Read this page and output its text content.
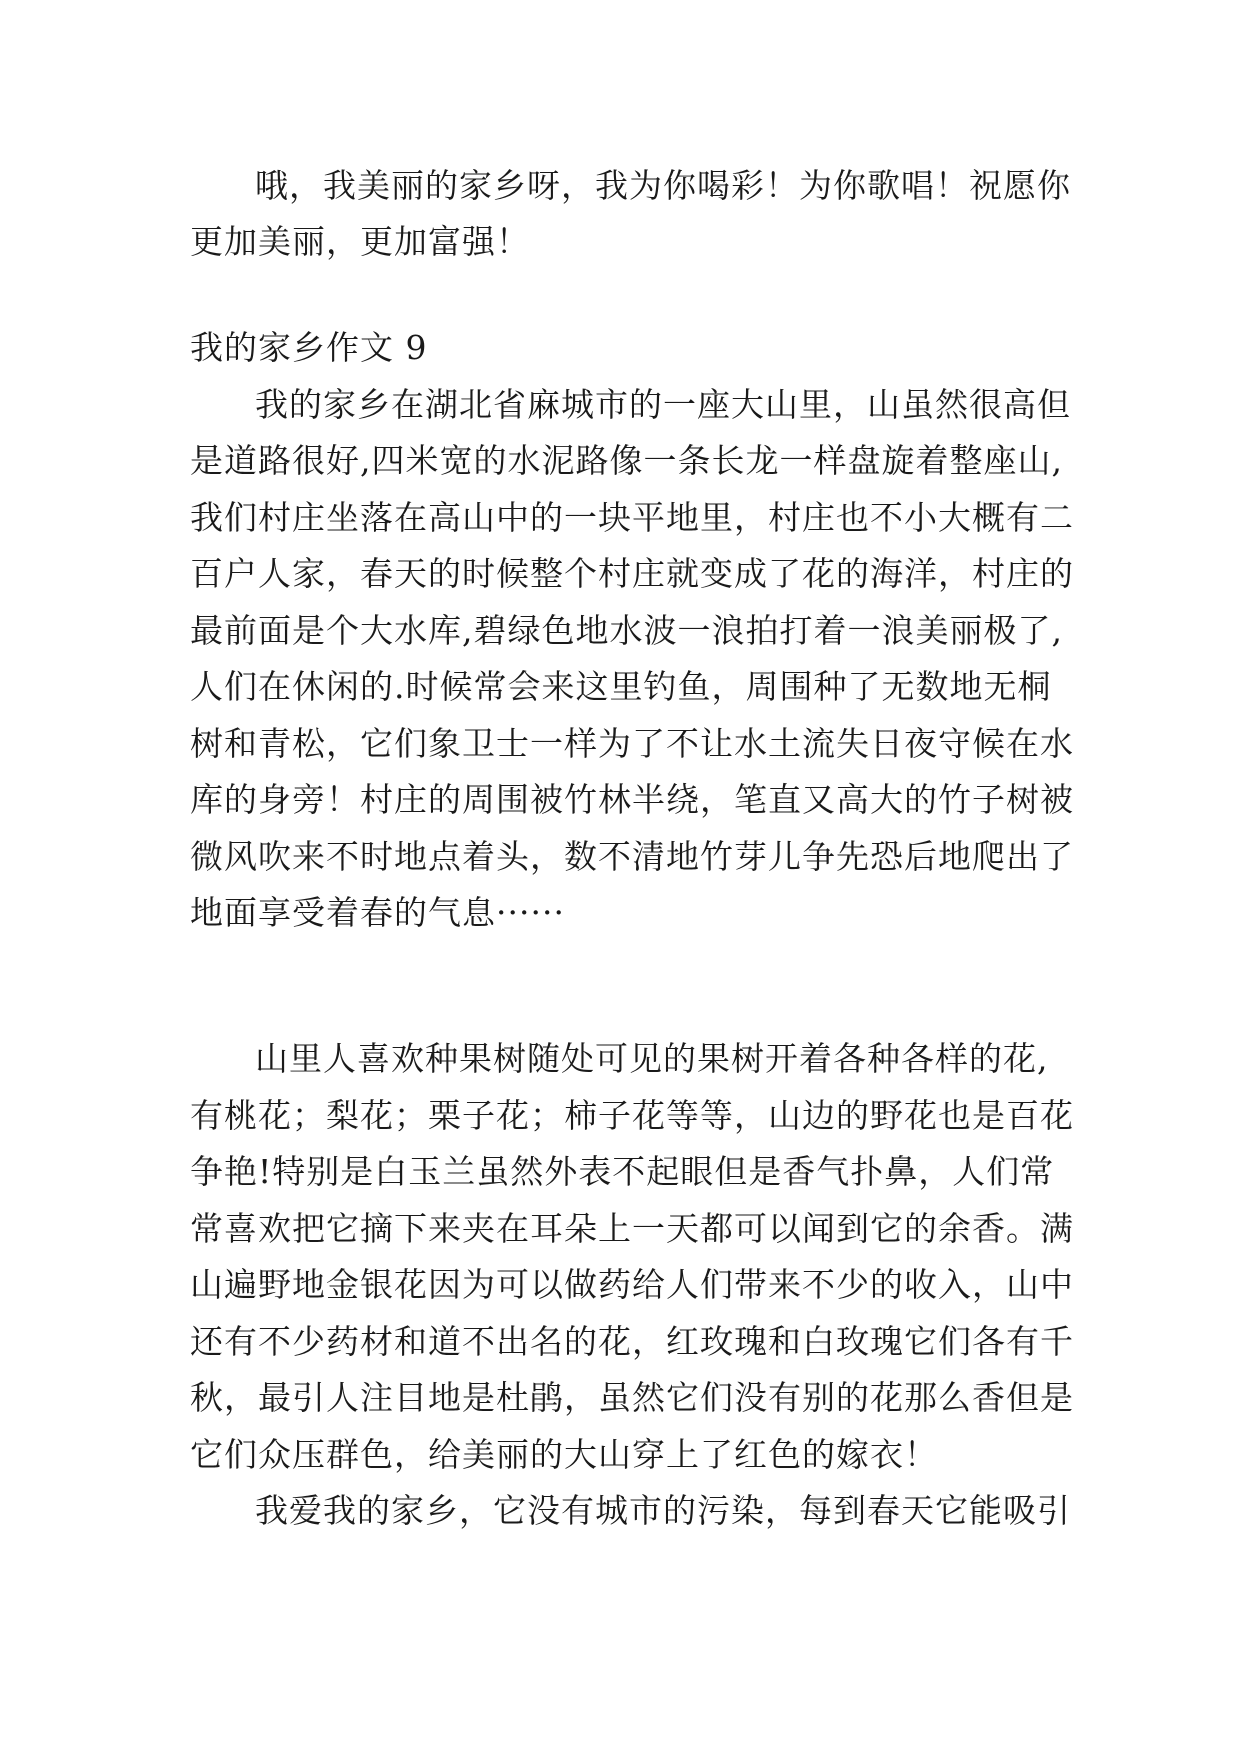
哦，我美丽的家乡呀，我为你喝彩！为你歌唱！祝愿你
更加美丽，更加富强！
我的家乡作文 9
我的家乡在湖北省麻城市的一座大山里，山虽然很高但
是道路很好,四米宽的水泥路像一条长龙一样盘旋着整座山,
我们村庄坐落在高山中的一块平地里，村庄也不小大概有二
百户人家，春天的时候整个村庄就变成了花的海洋，村庄的
最前面是个大水库,碧绿色地水波一浪拍打着一浪美丽极了,
人们在休闲的.时候常会来这里钓鱼，周围种了无数地无桐
树和青松，它们象卫士一样为了不让水土流失日夜守候在水
库的身旁！村庄的周围被竹林半绕，笔直又高大的竹子树被
微风吹来不时地点着头，数不清地竹芽儿争先恐后地爬出了
地面享受着春的气息······
山里人喜欢种果树随处可见的果树开着各种各样的花,
有桃花；梨花；栗子花；柿子花等等，山边的野花也是百花
争艳!特别是白玉兰虽然外表不起眼但是香气扑鼻，人们常
常喜欢把它摘下来夹在耳朵上一天都可以闻到它的余香。满
山遍野地金银花因为可以做药给人们带来不少的收入，山中
还有不少药材和道不出名的花，红玫瑰和白玫瑰它们各有千
秋，最引人注目地是杜鹃，虽然它们没有别的花那么香但是
它们众压群色，给美丽的大山穿上了红色的嫁衣！
我爱我的家乡，它没有城市的污染，每到春天它能吸引
